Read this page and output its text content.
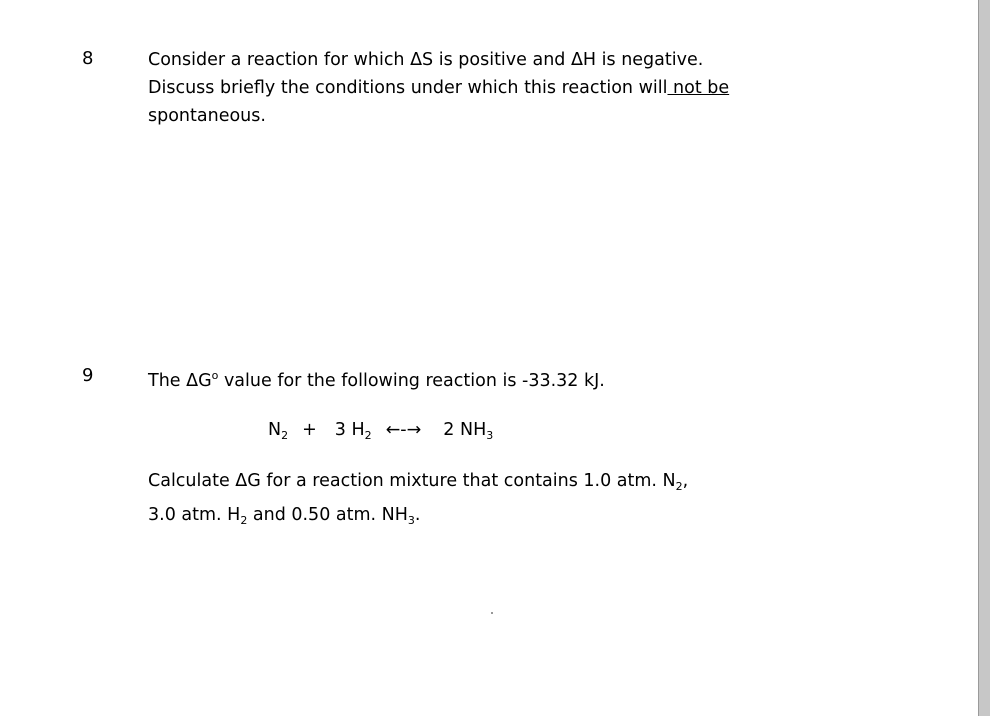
8	Consider a reaction for which ΔS is positive and ΔH is negative.
Discuss briefly the conditions under which this reaction will not be
spontaneous.
9	The $\Delta G^o$ value for the following reaction is -33.32 kJ.
$N_2 + 3$ $H_2$ ←-→ 2 $NH_3$
Calculate ΔG for a reaction mixture that contains 1.0 atm. $N_2$,
3.0 atm. $H_2$ and 0.50 atm. $NH_3$.
